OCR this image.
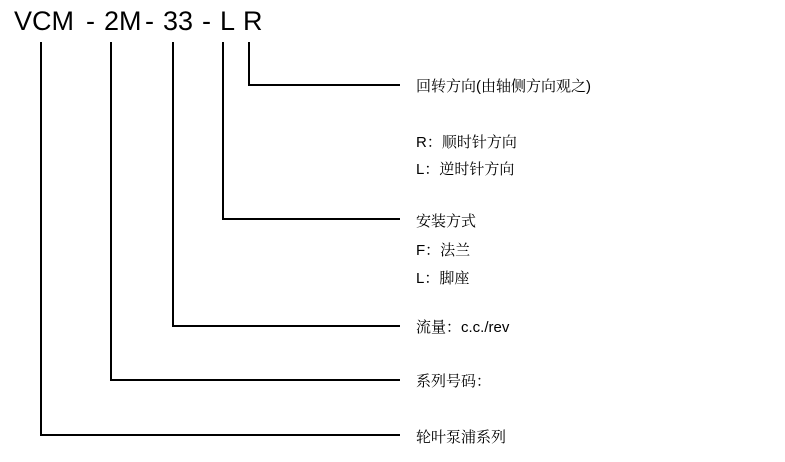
VCM - 2M - 33 - L R
回转方向(由轴侧方向观之)
R：顺时针方向
L：逆时针方向
安装方式
F：法兰
L：脚座
流量：c.c./rev
系列号码：
轮叶泵浦系列
